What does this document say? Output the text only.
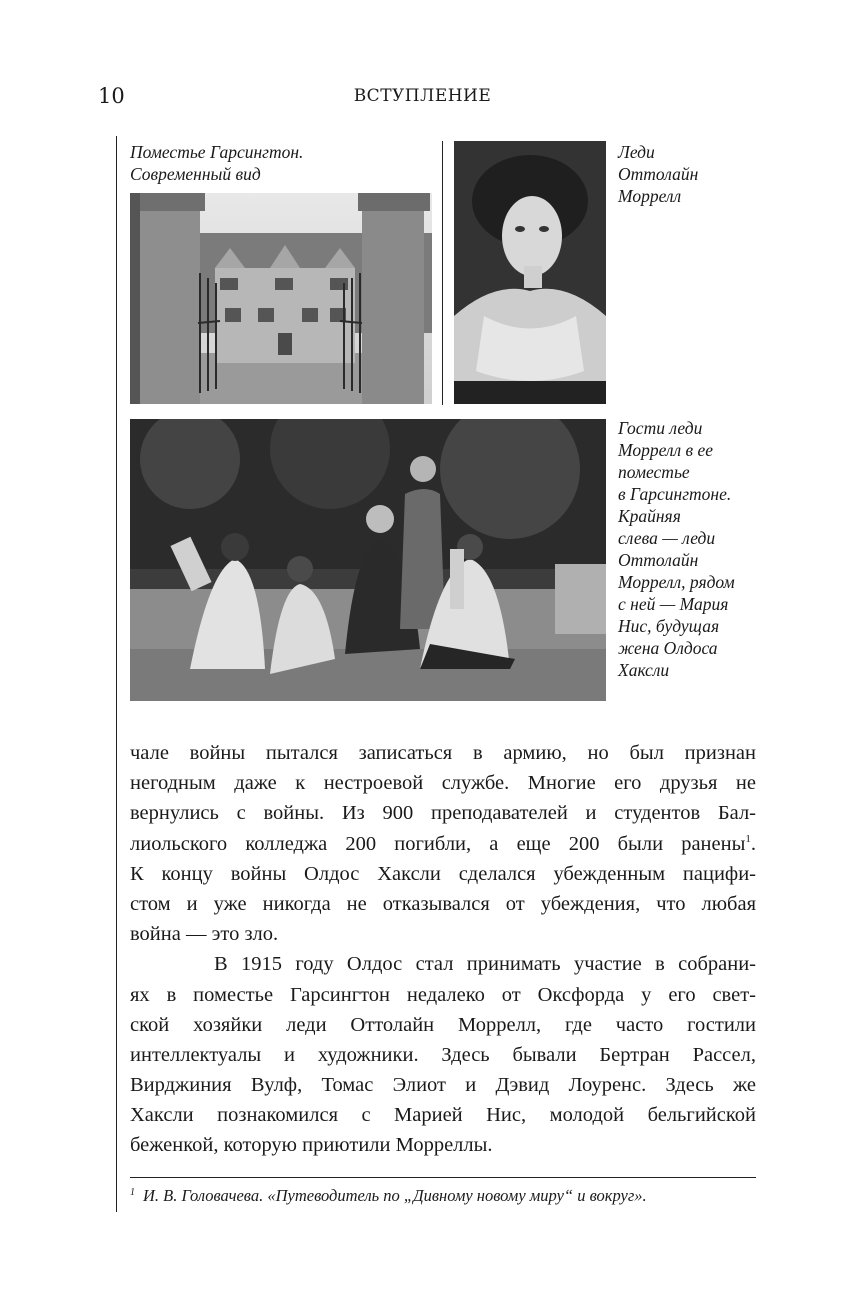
10	ВСТУПЛЕНИЕ
Поместье Гарсингтон.
Современный вид
Леди
Оттолайн
Моррелл
Гости леди
Моррелл в ее
поместье
в Гарсингтоне.
Крайняя
слева — леди
Оттолайн
Моррелл, рядом
с ней — Мария
Нис, будущая
жена Олдоса
Хаксли
чале войны пытался записаться в армию, но был признан
негодным даже к нестроевой службе. Многие его друзья не
вернулись с войны. Из 900 преподавателей и студентов Бал-
лиольского колледжа 200 погибли, а еще 200 были ранены$^1$.
К концу войны Олдос Хаксли сделался убежденным пацифи-
стом и уже никогда не отказывался от убеждения, что любая
война — это зло.
В 1915 году Олдос стал принимать участие в собрани-
ях в поместье Гарсингтон недалеко от Оксфорда у его свет-
ской хозяйки леди Оттолайн Моррелл, где часто гостили
интеллектуалы и художники. Здесь бывали Бертран Рассел,
Вирджиния Вулф, Томас Элиот и Дэвид Лоуренс. Здесь же
Хаксли познакомился с Марией Нис, молодой бельгийской
беженкой, которую приютили Морреллы.
$^1$ И. В. Головачева. «Путеводитель по „Дивному новому миру“ и вокруг».
